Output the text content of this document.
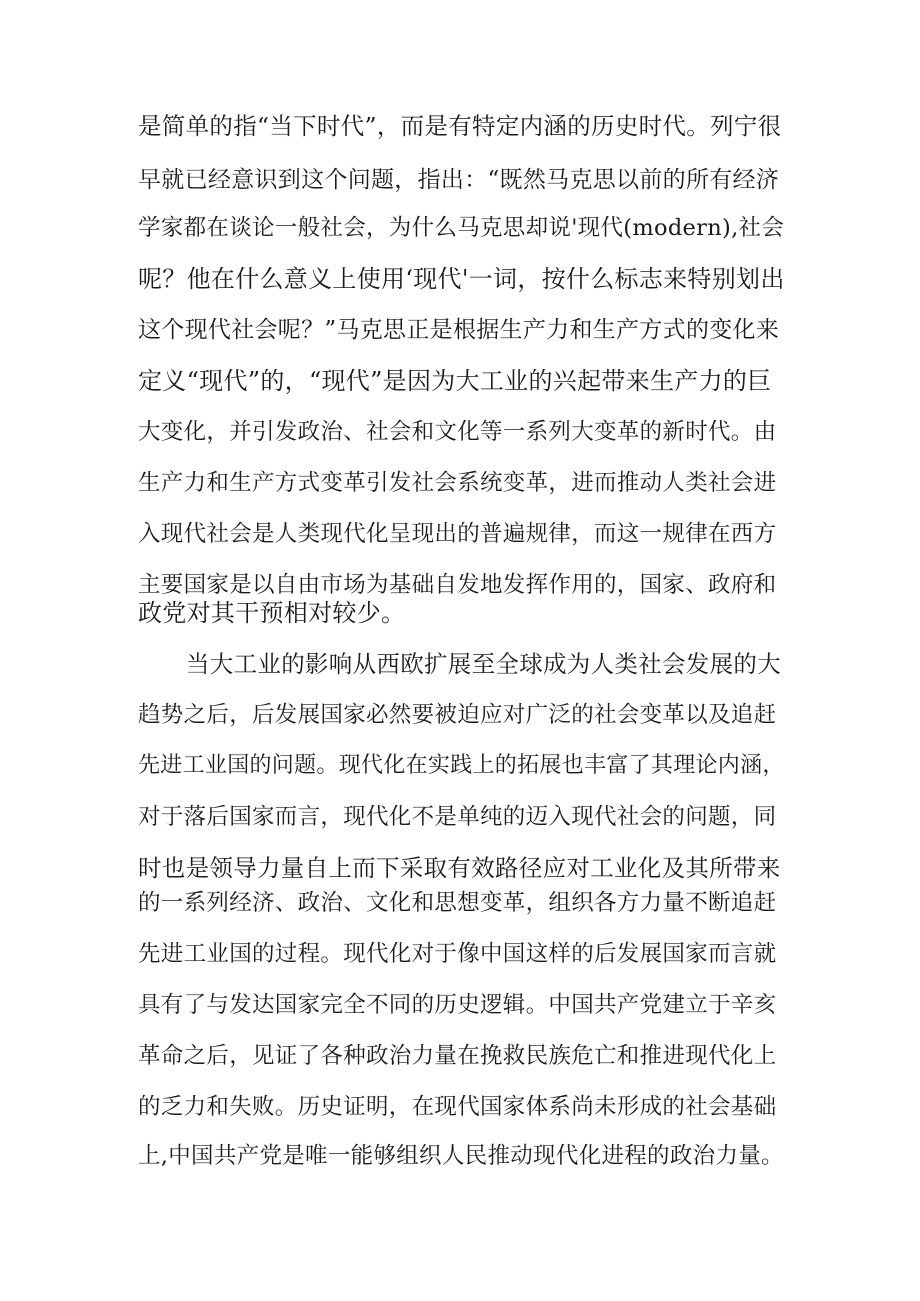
是简单的指“当下时代”，而是有特定内涵的历史时代。列宁很
早就已经意识到这个问题，指出：“既然马克思以前的所有经济
学家都在谈论一般社会，为什么马克思却说'现代(modern),社会
呢？他在什么意义上使用‘现代'一词，按什么标志来特别划出
这个现代社会呢？”马克思正是根据生产力和生产方式的变化来
定义“现代”的，“现代”是因为大工业的兴起带来生产力的巨
大变化，并引发政治、社会和文化等一系列大变革的新时代。由
生产力和生产方式变革引发社会系统变革，进而推动人类社会进
入现代社会是人类现代化呈现出的普遍规律，而这一规律在西方
主要国家是以自由市场为基础自发地发挥作用的，国家、政府和
政党对其干预相对较少。
当大工业的影响从西欧扩展至全球成为人类社会发展的大
趋势之后，后发展国家必然要被迫应对广泛的社会变革以及追赶
先进工业国的问题。现代化在实践上的拓展也丰富了其理论内涵，
对于落后国家而言，现代化不是单纯的迈入现代社会的问题，同
时也是领导力量自上而下采取有效路径应对工业化及其所带来
的一系列经济、政治、文化和思想变革，组织各方力量不断追赶
先进工业国的过程。现代化对于像中国这样的后发展国家而言就
具有了与发达国家完全不同的历史逻辑。中国共产党建立于辛亥
革命之后，见证了各种政治力量在挽救民族危亡和推进现代化上
的乏力和失败。历史证明，在现代国家体系尚未形成的社会基础
上,中国共产党是唯一能够组织人民推动现代化进程的政治力量。
